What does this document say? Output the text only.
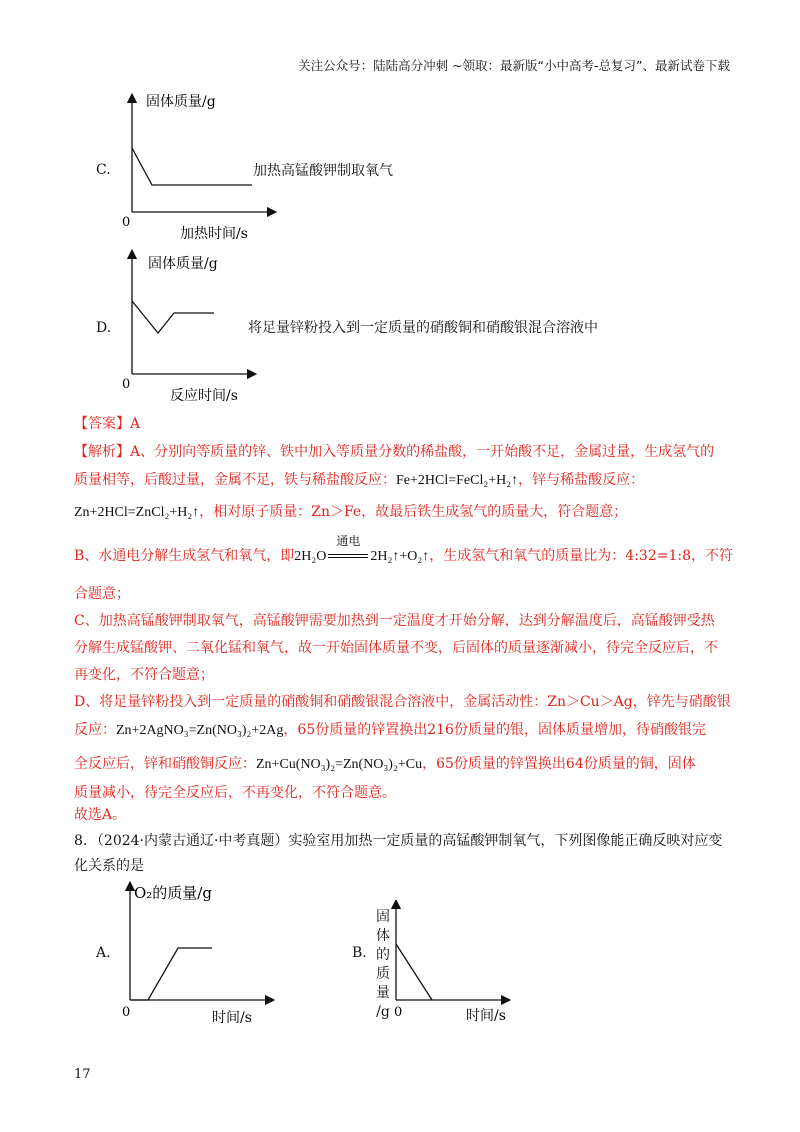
关注公众号：陆陆高分冲刺 ~领取：最新版“小中高考-总复习”、最新试卷下载
C.
固体质量/g
0
加热时间/s
加热高锰酸钾制取氧气
D.
固体质量/g
0
反应时间/s
将足量锌粉投入到一定质量的硝酸铜和硝酸银混合溶液中
【答案】A
【解析】A、分别向等质量的锌、铁中加入等质量分数的稀盐酸，一开始酸不足，金属过量，生成氢气的
质量相等，后酸过量，金属不足，铁与稀盐酸反应：Fe+2HCl=FeCl₂+H₂↑，锌与稀盐酸反应：
Zn+2HCl=ZnCl₂+H₂↑，相对原子质量：Zn＞Fe，故最后铁生成氢气的质量大，符合题意；
B、水通电分解生成氢气和氧气，即2H₂O
通电
2H₂↑+O₂↑，生成氢气和氧气的质量比为：4:32=1:8，不符
合题意；
C、加热高锰酸钾制取氧气，高锰酸钾需要加热到一定温度才开始分解，达到分解温度后，高锰酸钾受热
分解生成锰酸钾、二氧化锰和氧气，故一开始固体质量不变，后固体的质量逐渐减小，待完全反应后，不
再变化，不符合题意；
D、将足量锌粉投入到一定质量的硝酸铜和硝酸银混合溶液中，金属活动性：Zn＞Cu＞Ag，锌先与硝酸银
反应：Zn+2AgNO₃=Zn(NO₃)₂+2Ag，65份质量的锌置换出216份质量的银，固体质量增加，待硝酸银完
全反应后，锌和硝酸铜反应：Zn+Cu(NO₃)₂=Zn(NO₃)₂+Cu，65份质量的锌置换出64份质量的铜，固体
质量减小，待完全反应后，不再变化，不符合题意。
故选A。
8．（2024·内蒙古通辽·中考真题）实验室用加热一定质量的高锰酸钾制氧气，下列图像能正确反映对应变
化关系的是
A.
O₂的质量/g
0	时间/s
B.
固
体
的
质
量
/g 0	时间/s
17
